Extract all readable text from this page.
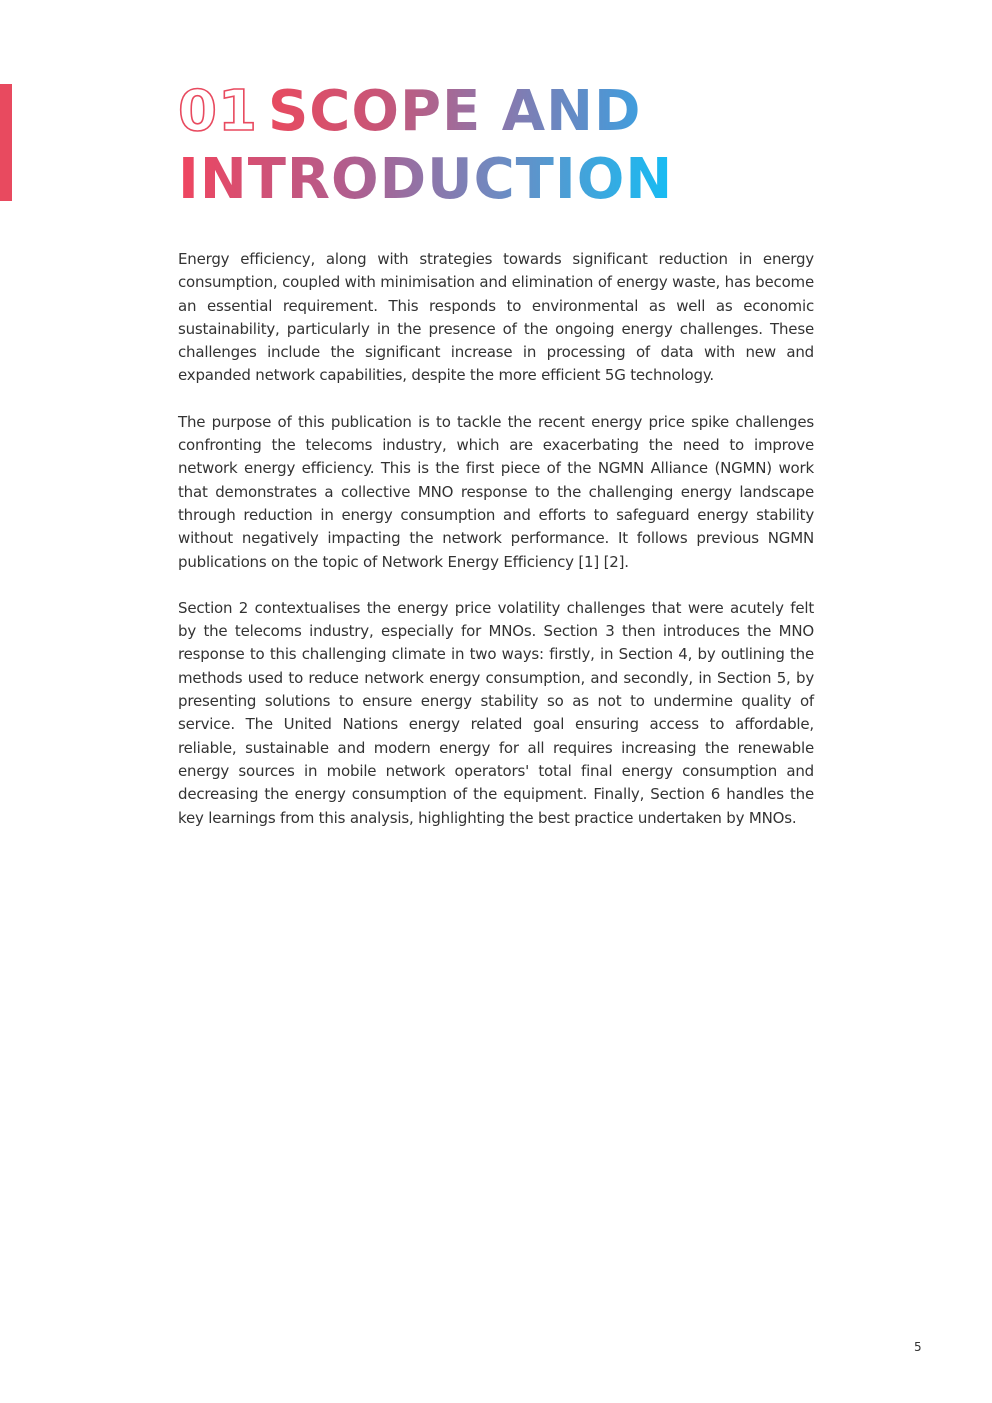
01 SCOPE AND
INTRODUCTION

Energy efficiency, along with strategies towards significant reduction in energy consumption, coupled with minimisation and elimination of energy waste, has become an essential requirement. This responds to environmental as well as economic sustainability, particularly in the presence of the ongoing energy challenges. These challenges include the significant increase in processing of data with new and expanded network capabilities, despite the more efficient 5G technology.

The purpose of this publication is to tackle the recent energy price spike challenges confronting the telecoms industry, which are exacerbating the need to improve network energy efficiency. This is the first piece of the NGMN Alliance (NGMN) work that demonstrates a collective MNO response to the challenging energy landscape through reduction in energy consumption and efforts to safeguard energy stability without negatively impacting the network performance. It follows previous NGMN publications on the topic of Network Energy Efficiency [1] [2].

Section 2 contextualises the energy price volatility challenges that were acutely felt by the telecoms industry, especially for MNOs. Section 3 then introduces the MNO response to this challenging climate in two ways: firstly, in Section 4, by outlining the methods used to reduce network energy consumption, and secondly, in Section 5, by presenting solutions to ensure energy stability so as not to undermine quality of service. The United Nations energy related goal ensuring access to affordable, reliable, sustainable and modern energy for all requires increasing the renewable energy sources in mobile network operators' total final energy consumption and decreasing the energy consumption of the equipment. Finally, Section 6 handles the key learnings from this analysis, highlighting the best practice undertaken by MNOs.

5
